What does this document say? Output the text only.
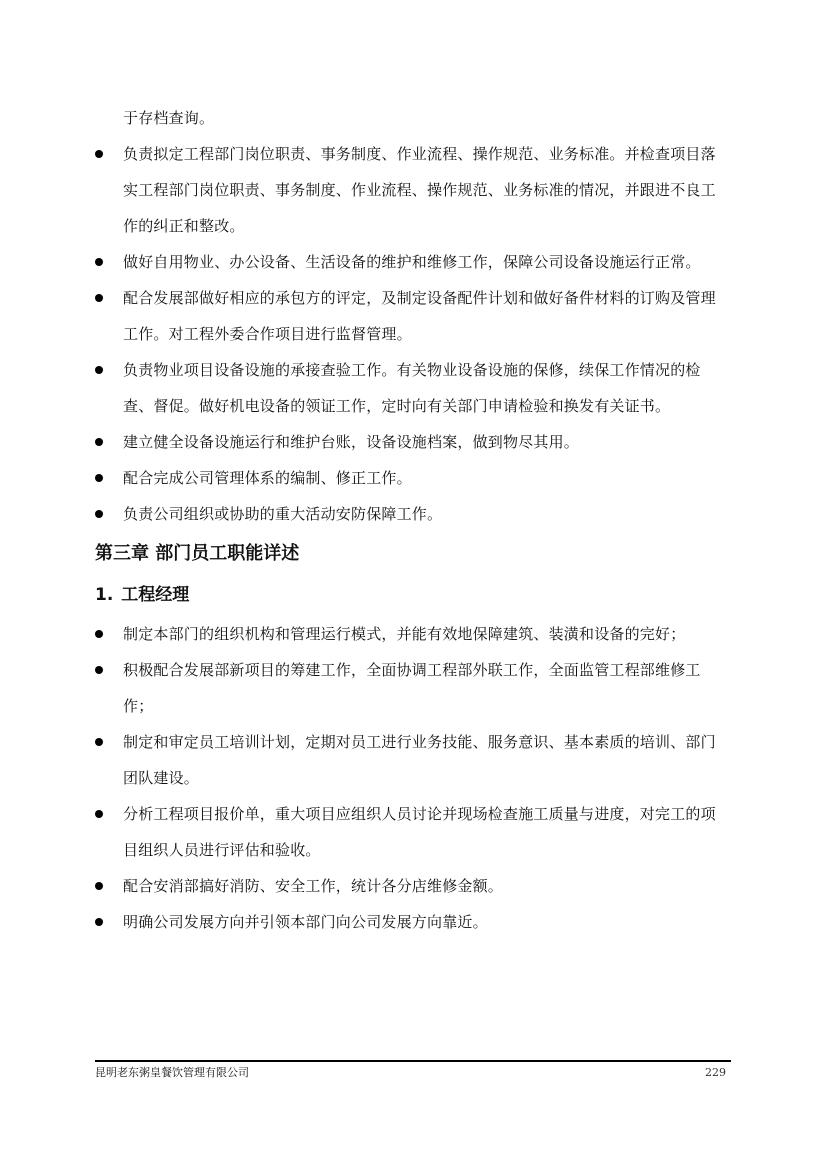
于存档查询。

负责拟定工程部门岗位职责、事务制度、作业流程、操作规范、业务标准。并检查项目落实工程部门岗位职责、事务制度、作业流程、操作规范、业务标准的情况，并跟进不良工作的纠正和整改。
做好自用物业、办公设备、生活设备的维护和维修工作，保障公司设备设施运行正常。
配合发展部做好相应的承包方的评定，及制定设备配件计划和做好备件材料的订购及管理工作。对工程外委合作项目进行监督管理。
负责物业项目设备设施的承接查验工作。有关物业设备设施的保修，续保工作情况的检查、督促。做好机电设备的领证工作，定时向有关部门申请检验和换发有关证书。
建立健全设备设施运行和维护台账，设备设施档案，做到物尽其用。
配合完成公司管理体系的编制、修正工作。
负责公司组织或协助的重大活动安防保障工作。
第三章 部门员工职能详述
1. 工程经理
制定本部门的组织机构和管理运行模式，并能有效地保障建筑、装潢和设备的完好；
积极配合发展部新项目的筹建工作，全面协调工程部外联工作，全面监管工程部维修工作；
制定和审定员工培训计划，定期对员工进行业务技能、服务意识、基本素质的培训、部门团队建设。
分析工程项目报价单，重大项目应组织人员讨论并现场检查施工质量与进度，对完工的项目组织人员进行评估和验收。
配合安消部搞好消防、安全工作，统计各分店维修金额。
明确公司发展方向并引领本部门向公司发展方向靠近。
昆明老东粥皇餐饮管理有限公司	229
